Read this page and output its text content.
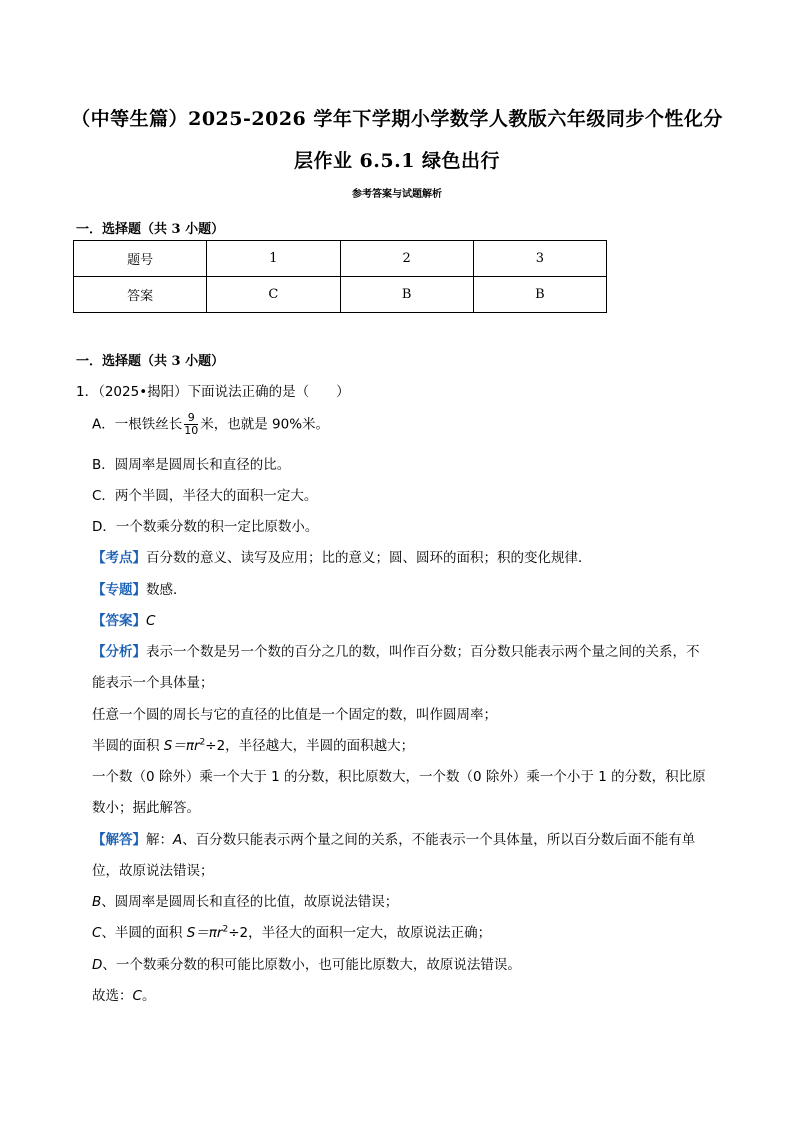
（中等生篇）2025-2026 学年下学期小学数学人教版六年级同步个性化分
层作业 6.5.1 绿色出行
参考答案与试题解析
一．选择题（共 3 小题）
题号	1	2	3
答案	C	B	B
一．选择题（共 3 小题）
1．（2025•揭阳）下面说法正确的是（　　）
A．一根铁丝长 $\frac{9}{10}$ 米，也就是 90%米。
B．圆周率是圆周长和直径的比。
C．两个半圆，半径大的面积一定大。
D．一个数乘分数的积一定比原数小。
【考点】百分数的意义、读写及应用；比的意义；圆、圆环的面积；积的变化规律．
【专题】数感．
【答案】C
【分析】表示一个数是另一个数的百分之几的数，叫作百分数；百分数只能表示两个量之间的关系，不
能表示一个具体量；
任意一个圆的周长与它的直径的比值是一个固定的数，叫作圆周率；
半圆的面积 $S=\pi r^2\div 2$，半径越大，半圆的面积越大；
一个数（0 除外）乘一个大于 1 的分数，积比原数大，一个数（0 除外）乘一个小于 1 的分数，积比原
数小；据此解答。
【解答】解：A、百分数只能表示两个量之间的关系，不能表示一个具体量，所以百分数后面不能有单
位，故原说法错误；
B、圆周率是圆周长和直径的比值，故原说法错误；
C、半圆的面积 $S=\pi r^2\div 2$，半径大的面积一定大，故原说法正确；
D、一个数乘分数的积可能比原数小，也可能比原数大，故原说法错误。
故选：C。
